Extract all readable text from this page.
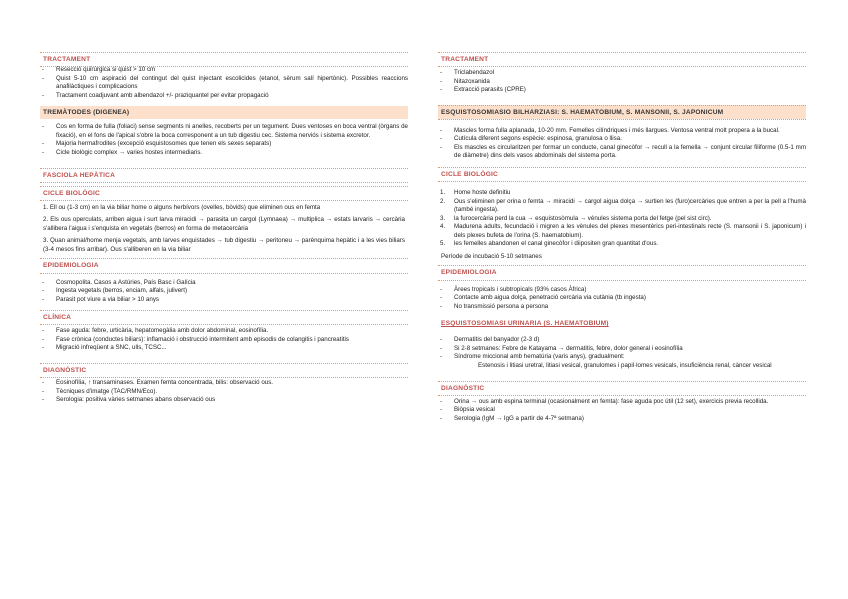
TRACTAMENT
- Resecció quirúrgica si quist > 10 cm
- Quist 5-10 cm aspiració del contingut del quist injectant escolicides (etanol, sèrum salí hipertònic). Possibles reaccions anafilàctiques i complicacions
- Tractament coadjuvant amb albendazol +/- praziquantel per evitar propagació
TREMÀTODES (DIGENEA)
- Cos en forma de fulla (foliaci) sense segments ni anelles, recoberts per un tegument. Dues ventoses en boca ventral (òrgans de fixació), en el fons de l'apical s'obre la boca corresponent a un tub digestiu cec. Sistema nerviós i sistema excretor.
- Majoria hermafrodites (excepció esquistosomes que tenen els sexes separats)
- Cicle biològic complex → varies hostes intermediaris.
FASCIOLA HEPÀTICA
CICLE BIOLÒGIC

1. Ell ou (1-3 cm) en la via biliar home o alguns herbívors (ovelles, bòvids) que eliminen ous en femta

2. Els ous operculats, arriben aigua i surt larva miracidi → parasita un cargol (Lymnaea) → multiplica → estats larvaris → cercària s'allibera l'aigua i s'enquista en vegetals (berros) en forma de metacercària

3. Quan animal/home menja vegetals, amb larves enquistades → tub digestiu → peritoneu → parènquima hepàtic i a les vies biliars (3-4 mesos fins arribar). Ous s'alliberen en la via biliar

EPIDEMIOLOGIA
- Cosmopolita. Casos a Astúries, País Basc i Galícia
- Ingesta vegetals (berros, enciam, alfals, julivert)
- Parasit pot viure a via biliar > 10 anys
CLÍNICA
- Fase aguda: febre, urticària, hepatomegàlia amb dolor abdominal, eosinofília.
- Fase crònica (conductes biliars): inflamació i obstrucció intermitent amb episodis de colangitis i pancreatitis
- Migració infreqüent a SNC, ulls, TCSC...
DIAGNÒSTIC
- Eosinofília, ↑ transaminases. Examen femta concentrada, bilis: observació ous.
- Tècniques d'imatge (TAC/RMN/Eco).
- Serologia: positiva vàries setmanes abans observació ous
TRACTAMENT
- Triclabendazol
- Nitazoxanida
- Extracció parasits (CPRE)
ESQUISTOSOMIASIO BILHARZIASI: S. HAEMATOBIUM, S. MANSONII, S. JAPONICUM
- Mascles forma fulla aplanada, 10-20 mm. Femelles cilíndriques i més llargues. Ventosa ventral molt propera a la bucal.
- Cutícula diferent segons espècie: espinosa, granulosa o llisa.
- Els mascles es circularitzen per formar un conducte, canal ginecòfor → recull a la femella → conjunt circular filiforme (0.5-1 mm de diàmetre) dins dels vasos abdominals del sistema porta.
CICLE BIOLÒGIC
1. Home hoste definitiu
2. Ous s'eliminen per orina o femta → miracidi → cargol aigua dolça → surtien les (furo)cercàries que entren a per la pell a l'humà (també ingesta).
3. la furocercària perd la cua → esquistosòmula → vènules sistema porta del fetge (pel sist circ).
4. Madurena adults, fecundació i migren a les vènules del plexes mesentèrics peri-intestinals recte (S. mansonii i S. japonicum) i dels plexes bufeta de l'orina (S. haematobium).
5. les femelles abandonen el canal ginecòfor i diipositen gran quantitat d'ous.

Període de incubació 5-10 setmanes

EPIDEMIOLOGIA
- Àrees tropicals i subtropicals (93% casos Àfrica)
- Contacte amb aigua dolça, penetració cercària via cutània (tb ingesta)
- No transmissió persona a persona
ESQUISTOSOMIASI URINARIA (S. HAEMATOBIUM)
- Dermatitis del banyador (2-3 d)
- Si 2-8 setmanes: Febre de Katayama → dermatitis, febre, dolor general i eosinofília
- Síndrome miccional amb hematúria (varis anys), gradualment:
Estenosis i litiasi uretral, litiasi vesical, granulomes i papil·lomes vesicals, insuficiència renal, càncer vesical
DIAGNÒSTIC
- Orina → ous amb espina terminal (ocasionalment en femta): fase aguda poc útil (12 set), exercicis previa recollida.
- Biòpsia vesical
- Serologia (IgM → IgG a partir de 4-7ª setmana)
